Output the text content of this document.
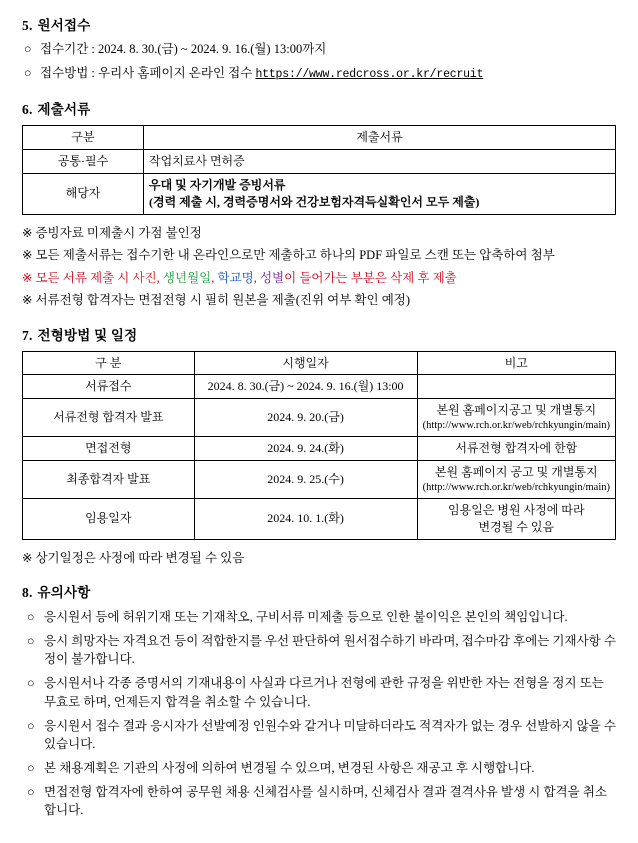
5. 원서접수
○ 접수기간 : 2024. 8. 30.(금) ~ 2024. 9. 16.(월) 13:00까지
○ 접수방법 : 우리사 홈페이지 온라인 접수 https://www.redcross.or.kr/recruit
6. 제출서류
구분	제출서류
공통·필수	작업치료사 면허증
해당자	우대 및 자기개발 증빙서류
(경력 제출 시, 경력증명서와 건강보험자격득실확인서 모두 제출)
※ 증빙자료 미제출시 가점 불인정
※ 모든 제출서류는 접수기한 내 온라인으로만 제출하고 하나의 PDF 파일로 스캔 또는 압축하여 첨부
※ 모든 서류 제출 시 사진, 생년월일, 학교명, 성별이 들어가는 부분은 삭제 후 제출
※ 서류전형 합격자는 면접전형 시 필히 원본을 제출(진위 여부 확인 예정)
7. 전형방법 및 일정
구 분	시행일자	비고
서류접수	2024. 8. 30.(금) ~ 2024. 9. 16.(월) 13:00	
서류전형 합격자 발표	2024. 9. 20.(금)	본원 홈페이지공고 및 개별통지
(http://www.rch.or.kr/web/rchkyungin/main)

면접전형	2024. 9. 24.(화)	서류전형 합격자에 한함
최종합격자 발표	2024. 9. 25.(수)	본원 홈페이지 공고 및 개별통지
(http://www.rch.or.kr/web/rchkyungin/main)

임용일자	2024. 10. 1.(화)	임용일은 병원 사정에 따라
변경될 수 있음
※ 상기일정은 사정에 따라 변경될 수 있음
8. 유의사항
○ 응시원서 등에 허위기재 또는 기재착오, 구비서류 미제출 등으로 인한 불이익은 본인의 책임입니다.
○ 응시 희망자는 자격요건 등이 적합한지를 우선 판단하여 원서접수하기 바라며, 접수마감 후에는 기재사항 수정이 불가합니다.
○ 응시원서나 각종 증명서의 기재내용이 사실과 다르거나 전형에 관한 규정을 위반한 자는 전형을 정지 또는 무효로 하며, 언제든지 합격을 취소할 수 있습니다.
○ 응시원서 접수 결과 응시자가 선발예정 인원수와 같거나 미달하더라도 적격자가 없는 경우 선발하지 않을 수 있습니다.
○ 본 채용계획은 기관의 사정에 의하여 변경될 수 있으며, 변경된 사항은 재공고 후 시행합니다.
○ 면접전형 합격자에 한하여 공무원 채용 신체검사를 실시하며, 신체검사 결과 결격사유 발생 시 합격을 취소합니다.
